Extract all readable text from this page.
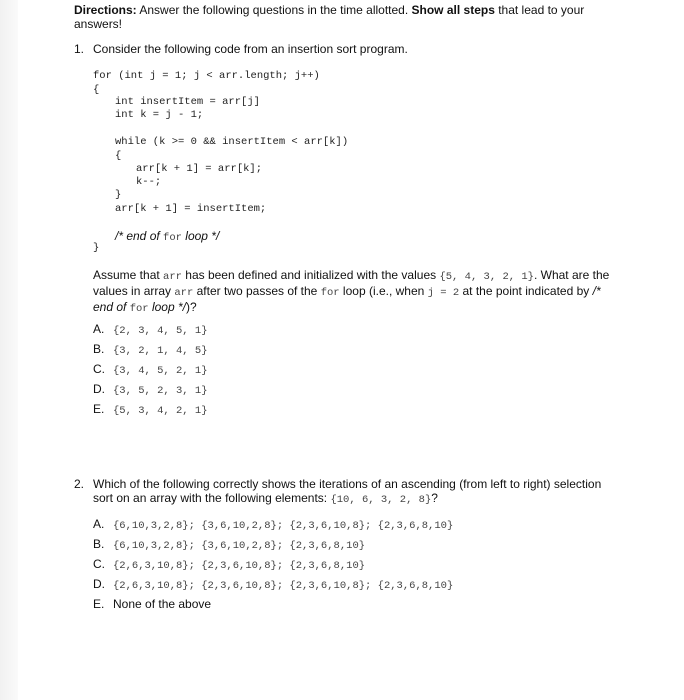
Directions: Answer the following questions in the time allotted. Show all steps that lead to your answers!
1. Consider the following code from an insertion sort program.
for (int j = 1; j < arr.length; j++)
{
int insertItem = arr[j]
int k = j - 1;
while (k >= 0 && insertItem < arr[k])
{
arr[k + 1] = arr[k];
k--;
}
arr[k + 1] = insertItem;
/* end of for loop */
}
Assume that arr has been defined and initialized with the values {5, 4, 3, 2, 1}. What are the values in array arr after two passes of the for loop (i.e., when j = 2 at the point indicated by /* end of for loop */)?
A. {2, 3, 4, 5, 1}
B. {3, 2, 1, 4, 5}
C. {3, 4, 5, 2, 1}
D. {3, 5, 2, 3, 1}
E. {5, 3, 4, 2, 1}
2. Which of the following correctly shows the iterations of an ascending (from left to right) selection sort on an array with the following elements: {10, 6, 3, 2, 8}?
A. {6,10,3,2,8}; {3,6,10,2,8}; {2,3,6,10,8}; {2,3,6,8,10}
B. {6,10,3,2,8}; {3,6,10,2,8}; {2,3,6,8,10}
C. {2,6,3,10,8}; {2,3,6,10,8}; {2,3,6,8,10}
D. {2,6,3,10,8}; {2,3,6,10,8}; {2,3,6,10,8}; {2,3,6,8,10}
E. None of the above
